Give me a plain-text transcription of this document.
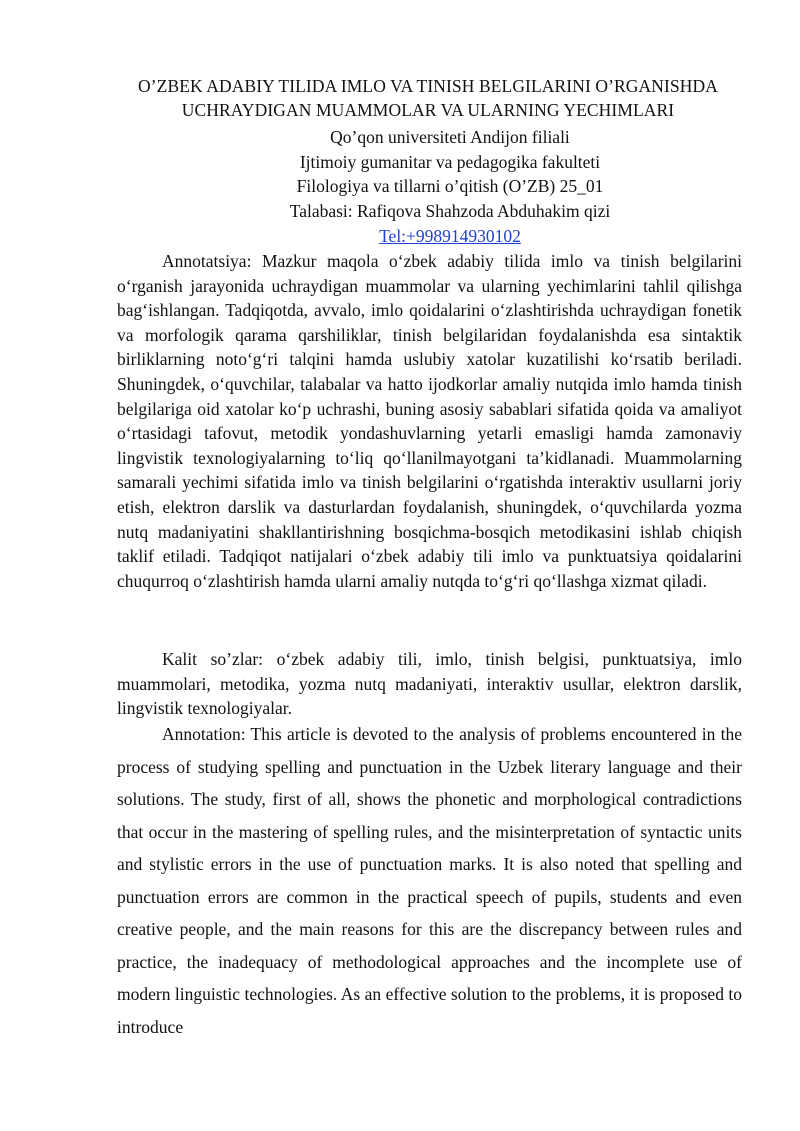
O’ZBEK ADABIY TILIDA IMLO VA TINISH BELGILARINI O’RGANISHDA
UCHRAYDIGAN MUAMMOLAR VA ULARNING YECHIMLARI
Qo’qon universiteti Andijon filiali
Ijtimoiy gumanitar va pedagogika fakulteti
Filologiya va tillarni o’qitish (O’ZB) 25_01
Talabasi: Rafiqova Shahzoda Abduhakim qizi
Tel:+998914930102

Annotatsiya: Mazkur maqola o‘zbek adabiy tilida imlo va tinish belgilarini o‘rganish jarayonida uchraydigan muammolar va ularning yechimlarini tahlil qilishga bag‘ishlangan. Tadqiqotda, avvalo, imlo qoidalarini o‘zlashtirishda uchraydigan fonetik va morfologik qarama qarshiliklar, tinish belgilaridan foydalanishda esa sintaktik birliklarning noto‘g‘ri talqini hamda uslubiy xatolar kuzatilishi ko‘rsatib beriladi. Shuningdek, o‘quvchilar, talabalar va hatto ijodkorlar amaliy nutqida imlo hamda tinish belgilariga oid xatolar ko‘p uchrashi, buning asosiy sabablari sifatida qoida va amaliyot o‘rtasidagi tafovut, metodik yondashuvlarning yetarli emasligi hamda zamonaviy lingvistik texnologiyalarning to‘liq qo‘llanilmayotgani ta’kidlanadi. Muammolarning samarali yechimi sifatida imlo va tinish belgilarini o‘rgatishda interaktiv usullarni joriy etish, elektron darslik va dasturlardan foydalanish, shuningdek, o‘quvchilarda yozma nutq madaniyatini shakllantirishning bosqichma-bosqich metodikasini ishlab chiqish taklif etiladi. Tadqiqot natijalari o‘zbek adabiy tili imlo va punktuatsiya qoidalarini chuqurroq o‘zlashtirish hamda ularni amaliy nutqda to‘g‘ri qo‘llashga xizmat qiladi.

Kalit so’zlar: o‘zbek adabiy tili, imlo, tinish belgisi, punktuatsiya, imlo muammolari, metodika, yozma nutq madaniyati, interaktiv usullar, elektron darslik, lingvistik texnologiyalar.

Annotation: This article is devoted to the analysis of problems encountered in the process of studying spelling and punctuation in the Uzbek literary language and their solutions. The study, first of all, shows the phonetic and morphological contradictions that occur in the mastering of spelling rules, and the misinterpretation of syntactic units and stylistic errors in the use of punctuation marks. It is also noted that spelling and punctuation errors are common in the practical speech of pupils, students and even creative people, and the main reasons for this are the discrepancy between rules and practice, the inadequacy of methodological approaches and the incomplete use of modern linguistic technologies. As an effective solution to the problems, it is proposed to introduce
